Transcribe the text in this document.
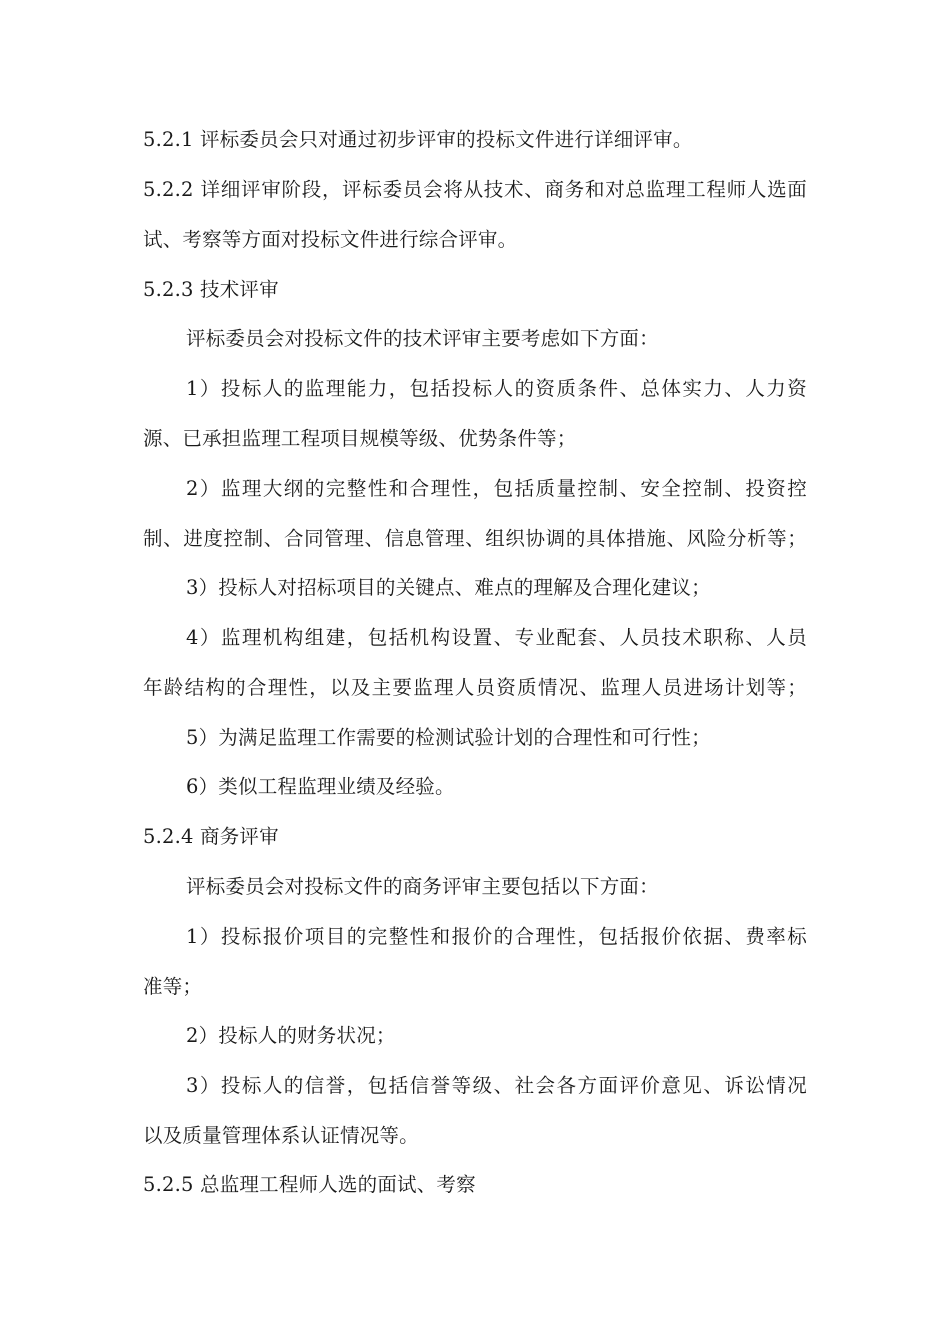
5.2.1 评标委员会只对通过初步评审的投标文件进行详细评审。
5.2.2 详细评审阶段，评标委员会将从技术、商务和对总监理工程师人选面
试、考察等方面对投标文件进行综合评审。
5.2.3 技术评审
评标委员会对投标文件的技术评审主要考虑如下方面：
1）投标人的监理能力，包括投标人的资质条件、总体实力、人力资
源、已承担监理工程项目规模等级、优势条件等；
2）监理大纲的完整性和合理性，包括质量控制、安全控制、投资控
制、进度控制、合同管理、信息管理、组织协调的具体措施、风险分析等；
3）投标人对招标项目的关键点、难点的理解及合理化建议；
4）监理机构组建，包括机构设置、专业配套、人员技术职称、人员
年龄结构的合理性，以及主要监理人员资质情况、监理人员进场计划等；
5）为满足监理工作需要的检测试验计划的合理性和可行性；
6）类似工程监理业绩及经验。
5.2.4 商务评审
评标委员会对投标文件的商务评审主要包括以下方面：
1）投标报价项目的完整性和报价的合理性，包括报价依据、费率标
准等；
2）投标人的财务状况；
3）投标人的信誉，包括信誉等级、社会各方面评价意见、诉讼情况
以及质量管理体系认证情况等。
5.2.5 总监理工程师人选的面试、考察
